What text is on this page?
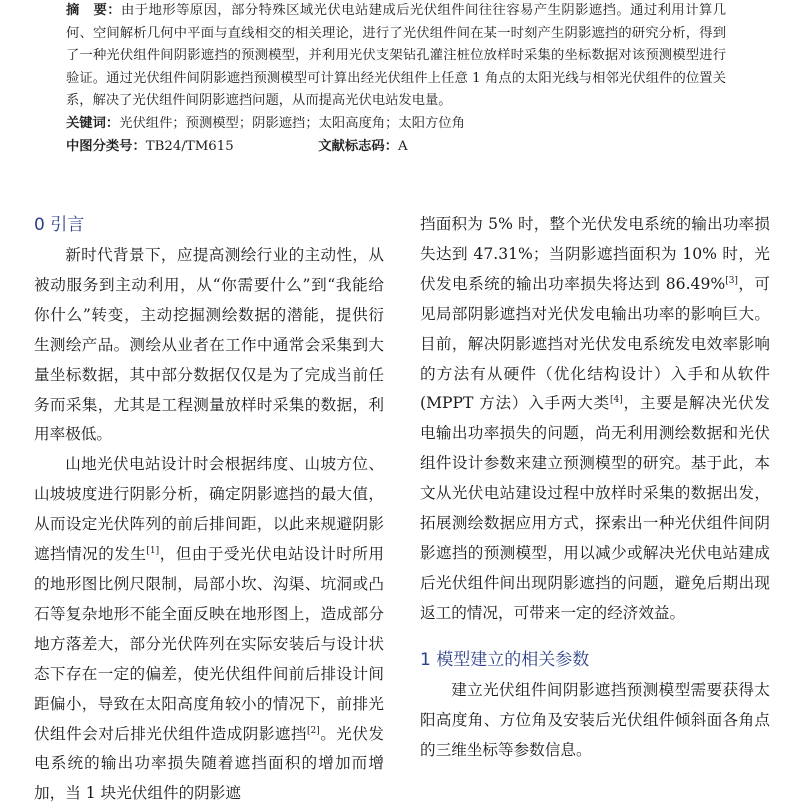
摘　要：由于地形等原因，部分特殊区域光伏电站建成后光伏组件间往往容易产生阴影遮挡。通过利用计算几何、空间解析几何中平面与直线相交的相关理论，进行了光伏组件间在某一时刻产生阴影遮挡的研究分析，得到了一种光伏组件间阴影遮挡的预测模型，并利用光伏支架钻孔灌注桩位放样时采集的坐标数据对该预测模型进行验证。通过光伏组件间阴影遮挡预测模型可计算出经光伏组件上任意 1 角点的太阳光线与相邻光伏组件的位置关系，解决了光伏组件间阴影遮挡问题，从而提高光伏电站发电量。

关键词：光伏组件；预测模型；阴影遮挡；太阳高度角；太阳方位角

中图分类号：TB24/TM615	文献标志码：A

0 引言

新时代背景下，应提高测绘行业的主动性，从被动服务到主动利用，从“你需要什么”到“我能给你什么”转变，主动挖掘测绘数据的潜能，提供衍生测绘产品。测绘从业者在工作中通常会采集到大量坐标数据，其中部分数据仅仅是为了完成当前任务而采集，尤其是工程测量放样时采集的数据，利用率极低。

山地光伏电站设计时会根据纬度、山坡方位、山坡坡度进行阴影分析，确定阴影遮挡的最大值，从而设定光伏阵列的前后排间距，以此来规避阴影遮挡情况的发生[1]，但由于受光伏电站设计时所用的地形图比例尺限制，局部小坎、沟渠、坑洞或凸石等复杂地形不能全面反映在地形图上，造成部分地方落差大，部分光伏阵列在实际安装后与设计状态下存在一定的偏差，使光伏组件间前后排设计间距偏小，导致在太阳高度角较小的情况下，前排光伏组件会对后排光伏组件造成阴影遮挡[2]。光伏发电系统的输出功率损失随着遮挡面积的增加而增加，当 1 块光伏组件的阴影遮

挡面积为 5% 时，整个光伏发电系统的输出功率损失达到 47.31%；当阴影遮挡面积为 10% 时，光伏发电系统的输出功率损失将达到 86.49%[3]，可见局部阴影遮挡对光伏发电输出功率的影响巨大。目前，解决阴影遮挡对光伏发电系统发电效率影响的方法有从硬件（优化结构设计）入手和从软件 (MPPT 方法）入手两大类[4]，主要是解决光伏发电输出功率损失的问题，尚无利用测绘数据和光伏组件设计参数来建立预测模型的研究。基于此，本文从光伏电站建设过程中放样时采集的数据出发，拓展测绘数据应用方式，探索出一种光伏组件间阴影遮挡的预测模型，用以减少或解决光伏电站建成后光伏组件间出现阴影遮挡的问题，避免后期出现返工的情况，可带来一定的经济效益。

1 模型建立的相关参数

建立光伏组件间阴影遮挡预测模型需要获得太阳高度角、方位角及安装后光伏组件倾斜面各角点的三维坐标等参数信息。
